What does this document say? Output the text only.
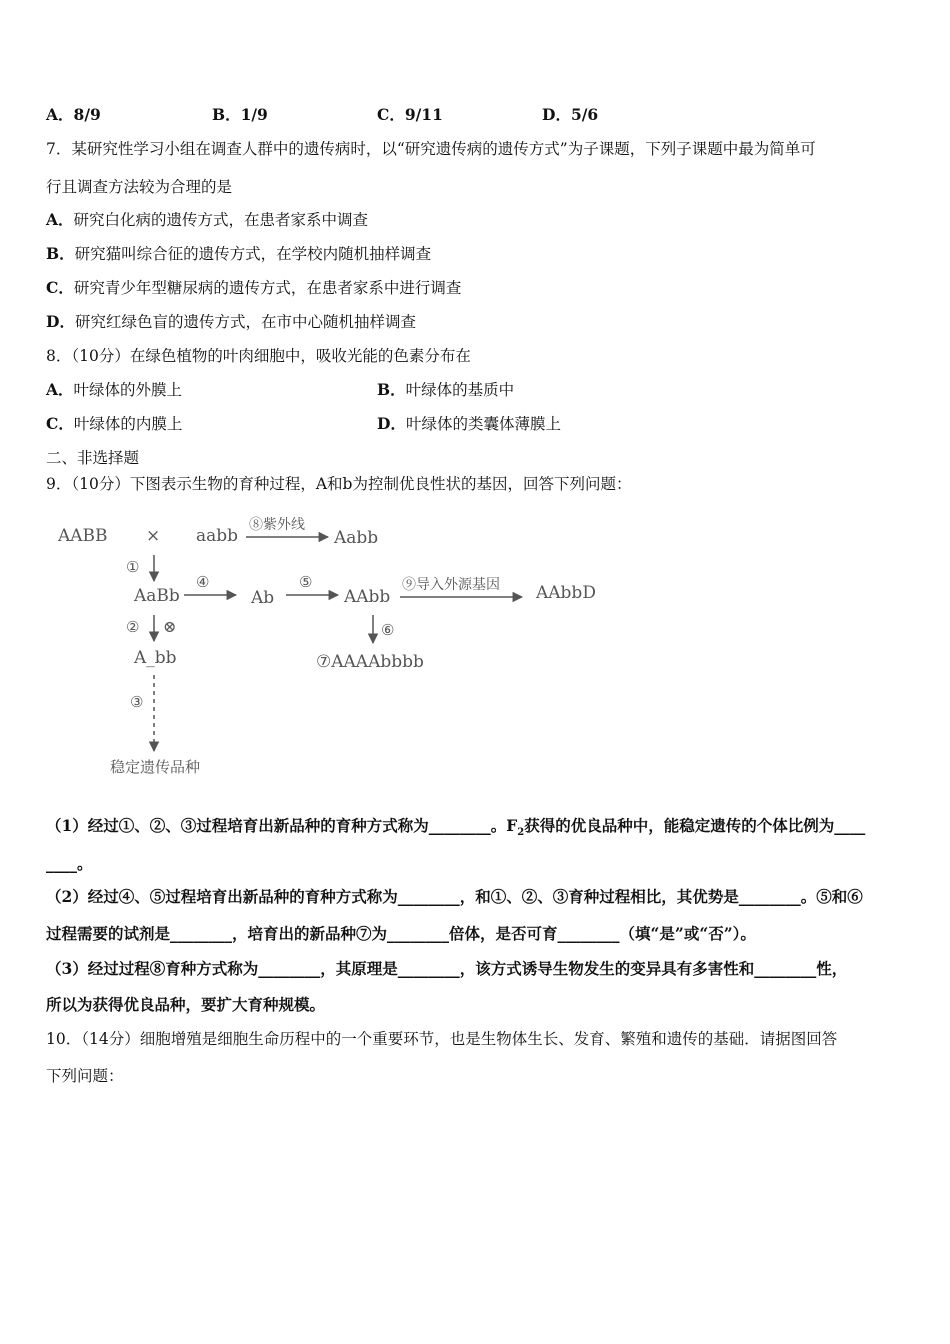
A．8/9	B．1/9	C．9/11	D．5/6
7．某研究性学习小组在调查人群中的遗传病时，以“研究遗传病的遗传方式”为子课题，下列子课题中最为简单可
行且调查方法较为合理的是
A．研究白化病的遗传方式，在患者家系中调查
B．研究猫叫综合征的遗传方式，在学校内随机抽样调查
C．研究青少年型糖尿病的遗传方式，在患者家系中进行调查
D．研究红绿色盲的遗传方式，在市中心随机抽样调查
8．（10分）在绿色植物的叶肉细胞中，吸收光能的色素分布在
A．叶绿体的外膜上	B．叶绿体的基质中
C．叶绿体的内膜上	D．叶绿体的类囊体薄膜上
二、非选择题
9．（10分）下图表示生物的育种过程，A和b为控制优良性状的基因，回答下列问题：
AABB × aabb
⑧紫外线
Aabb
①
AaBb
④
Ab
⑤
AAbb
⑨导入外源基因 AAbbD
② ⊗	⑥
A_bb	⑦AAAAbbbb
③
稳定遗传品种
（1）经过①、②、③过程培育出新品种的育种方式称为________。$F_2$获得的优良品种中，能稳定遗传的个体比例为____
____。
（2）经过④、⑤过程培育出新品种的育种方式称为________，和①、②、③育种过程相比，其优势是________。⑤和⑥
过程需要的试剂是________，培育出的新品种⑦为________倍体，是否可育________（填“是”或“否”）。
（3）经过过程⑧育种方式称为________，其原理是________，该方式诱导生物发生的变异具有多害性和________性，
所以为获得优良品种，要扩大育种规模。
10．（14分）细胞增殖是细胞生命历程中的一个重要环节，也是生物体生长、发育、繁殖和遗传的基础．请据图回答
下列问题：
